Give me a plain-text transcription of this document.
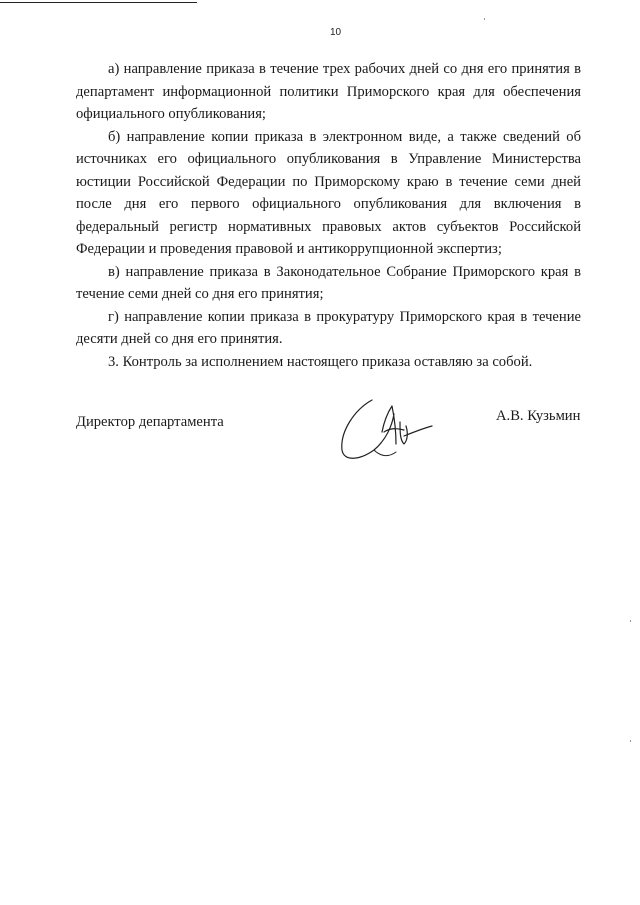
10

а) направление приказа в течение трех рабочих дней со дня его принятия в департамент информационной политики Приморского края для обеспечения официального опубликования;

б) направление копии приказа в электронном виде, а также сведений об источниках его официального опубликования в Управление Министерства юстиции Российской Федерации по Приморскому краю в течение семи дней после дня его первого официального опубликования для включения в федеральный регистр нормативных правовых актов субъектов Российской Федерации и проведения правовой и антикоррупционной экспертиз;

в) направление приказа в Законодательное Собрание Приморского края в течение семи дней со дня его принятия;

г) направление копии приказа в прокуратуру Приморского края в течение десяти дней со дня его принятия.

3. Контроль за исполнением настоящего приказа оставляю за собой.

Директор департамента	А.В. Кузьмин
